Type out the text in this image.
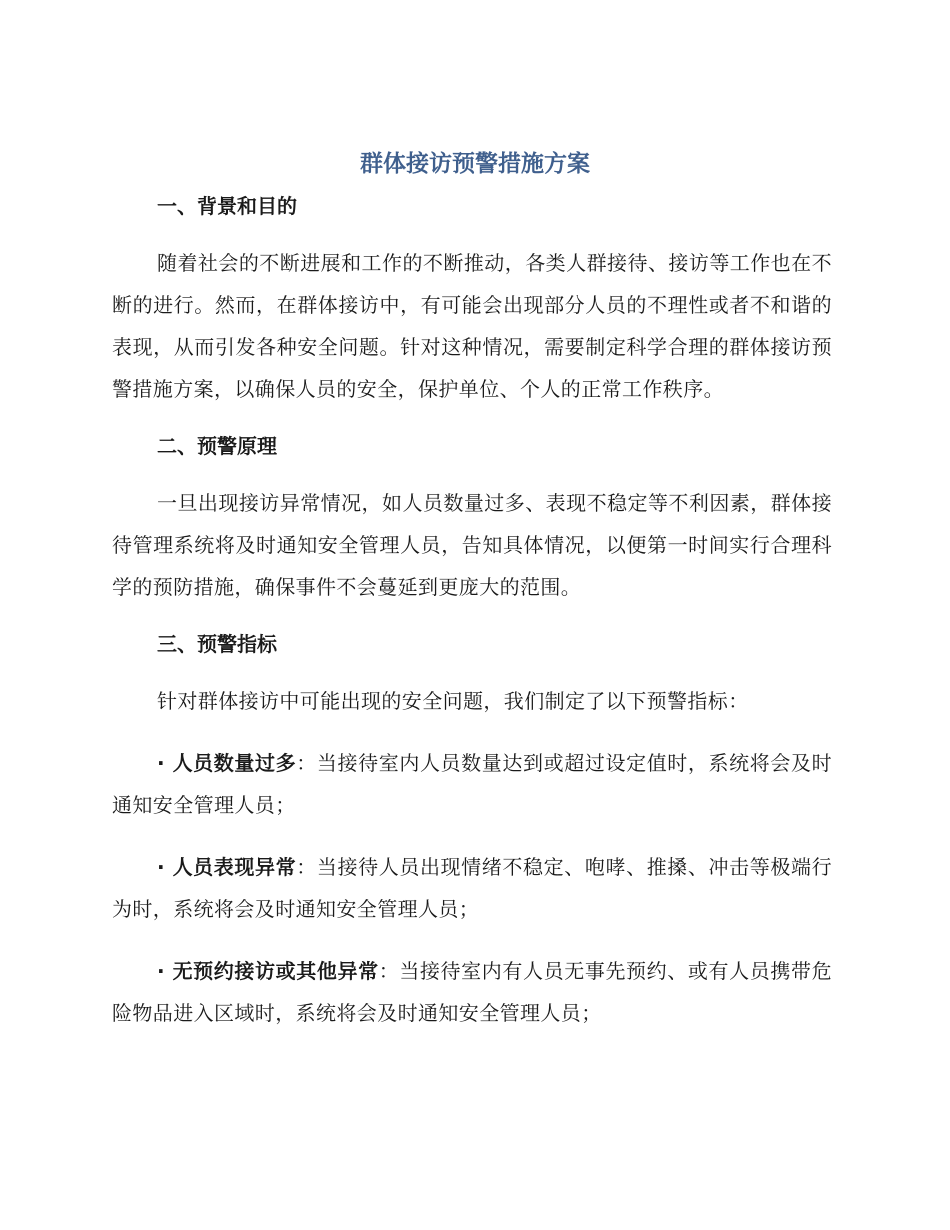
群体接访预警措施方案
一、背景和目的

随着社会的不断进展和工作的不断推动，各类人群接待、接访等工作也在不断的进行。然而，在群体接访中，有可能会出现部分人员的不理性或者不和谐的表现，从而引发各种安全问题。针对这种情况，需要制定科学合理的群体接访预警措施方案，以确保人员的安全，保护单位、个人的正常工作秩序。

二、预警原理

一旦出现接访异常情况，如人员数量过多、表现不稳定等不利因素，群体接待管理系统将及时通知安全管理人员，告知具体情况，以便第一时间实行合理科学的预防措施，确保事件不会蔓延到更庞大的范围。

三、预警指标

针对群体接访中可能出现的安全问题，我们制定了以下预警指标：

· 人员数量过多：当接待室内人员数量达到或超过设定值时，系统将会及时通知安全管理人员；

· 人员表现异常：当接待人员出现情绪不稳定、咆哮、推搡、冲击等极端行为时，系统将会及时通知安全管理人员；

· 无预约接访或其他异常：当接待室内有人员无事先预约、或有人员携带危险物品进入区域时，系统将会及时通知安全管理人员；
